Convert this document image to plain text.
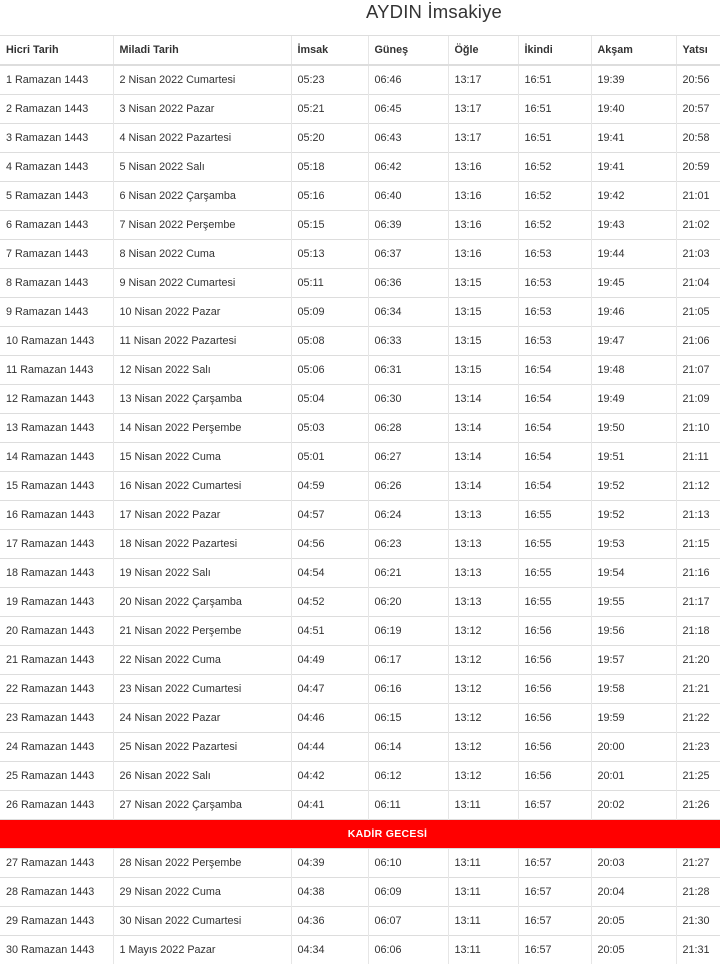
AYDIN İmsakiye
Hicri Tarih	Miladi Tarih	İmsak	Güneş	Öğle	İkindi	Akşam	Yatsı
1 Ramazan 1443	2 Nisan 2022 Cumartesi	05:23	06:46	13:17	16:51	19:39	20:56
2 Ramazan 1443	3 Nisan 2022 Pazar	05:21	06:45	13:17	16:51	19:40	20:57
3 Ramazan 1443	4 Nisan 2022 Pazartesi	05:20	06:43	13:17	16:51	19:41	20:58
4 Ramazan 1443	5 Nisan 2022 Salı	05:18	06:42	13:16	16:52	19:41	20:59
5 Ramazan 1443	6 Nisan 2022 Çarşamba	05:16	06:40	13:16	16:52	19:42	21:01
6 Ramazan 1443	7 Nisan 2022 Perşembe	05:15	06:39	13:16	16:52	19:43	21:02
7 Ramazan 1443	8 Nisan 2022 Cuma	05:13	06:37	13:16	16:53	19:44	21:03
8 Ramazan 1443	9 Nisan 2022 Cumartesi	05:11	06:36	13:15	16:53	19:45	21:04
9 Ramazan 1443	10 Nisan 2022 Pazar	05:09	06:34	13:15	16:53	19:46	21:05
10 Ramazan 1443	11 Nisan 2022 Pazartesi	05:08	06:33	13:15	16:53	19:47	21:06
11 Ramazan 1443	12 Nisan 2022 Salı	05:06	06:31	13:15	16:54	19:48	21:07
12 Ramazan 1443	13 Nisan 2022 Çarşamba	05:04	06:30	13:14	16:54	19:49	21:09
13 Ramazan 1443	14 Nisan 2022 Perşembe	05:03	06:28	13:14	16:54	19:50	21:10
14 Ramazan 1443	15 Nisan 2022 Cuma	05:01	06:27	13:14	16:54	19:51	21:11
15 Ramazan 1443	16 Nisan 2022 Cumartesi	04:59	06:26	13:14	16:54	19:52	21:12
16 Ramazan 1443	17 Nisan 2022 Pazar	04:57	06:24	13:13	16:55	19:52	21:13
17 Ramazan 1443	18 Nisan 2022 Pazartesi	04:56	06:23	13:13	16:55	19:53	21:15
18 Ramazan 1443	19 Nisan 2022 Salı	04:54	06:21	13:13	16:55	19:54	21:16
19 Ramazan 1443	20 Nisan 2022 Çarşamba	04:52	06:20	13:13	16:55	19:55	21:17
20 Ramazan 1443	21 Nisan 2022 Perşembe	04:51	06:19	13:12	16:56	19:56	21:18
21 Ramazan 1443	22 Nisan 2022 Cuma	04:49	06:17	13:12	16:56	19:57	21:20
22 Ramazan 1443	23 Nisan 2022 Cumartesi	04:47	06:16	13:12	16:56	19:58	21:21
23 Ramazan 1443	24 Nisan 2022 Pazar	04:46	06:15	13:12	16:56	19:59	21:22
24 Ramazan 1443	25 Nisan 2022 Pazartesi	04:44	06:14	13:12	16:56	20:00	21:23
25 Ramazan 1443	26 Nisan 2022 Salı	04:42	06:12	13:12	16:56	20:01	21:25
26 Ramazan 1443	27 Nisan 2022 Çarşamba	04:41	06:11	13:11	16:57	20:02	21:26
KADİR GECESİ							
27 Ramazan 1443	28 Nisan 2022 Perşembe	04:39	06:10	13:11	16:57	20:03	21:27
28 Ramazan 1443	29 Nisan 2022 Cuma	04:38	06:09	13:11	16:57	20:04	21:28
29 Ramazan 1443	30 Nisan 2022 Cumartesi	04:36	06:07	13:11	16:57	20:05	21:30
30 Ramazan 1443	1 Mayıs 2022 Pazar	04:34	06:06	13:11	16:57	20:05	21:31
